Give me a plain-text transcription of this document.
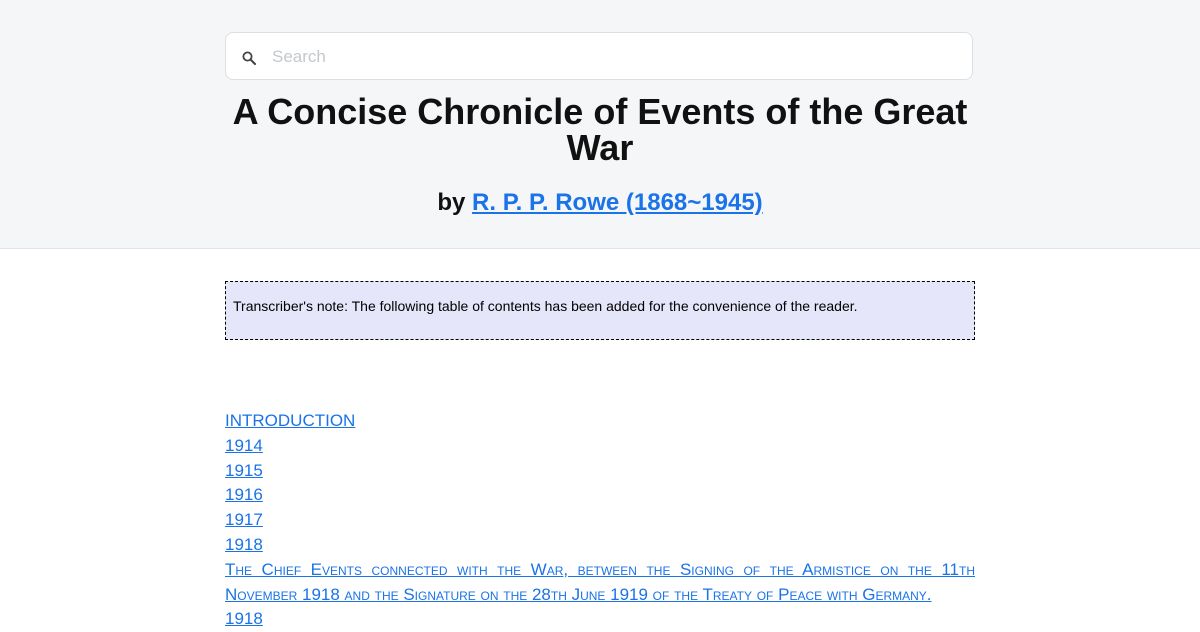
Search
A Concise Chronicle of Events of the Great War
by R. P. P. Rowe (1868~1945)
Transcriber's note: The following table of contents has been added for the convenience of the reader.
INTRODUCTION
1914
1915
1916
1917
1918
The Chief Events connected with the War, between the Signing of the Armistice on the 11th November 1918 and the Signature on the 28th June 1919 of the Treaty of Peace with Germany.
1918
